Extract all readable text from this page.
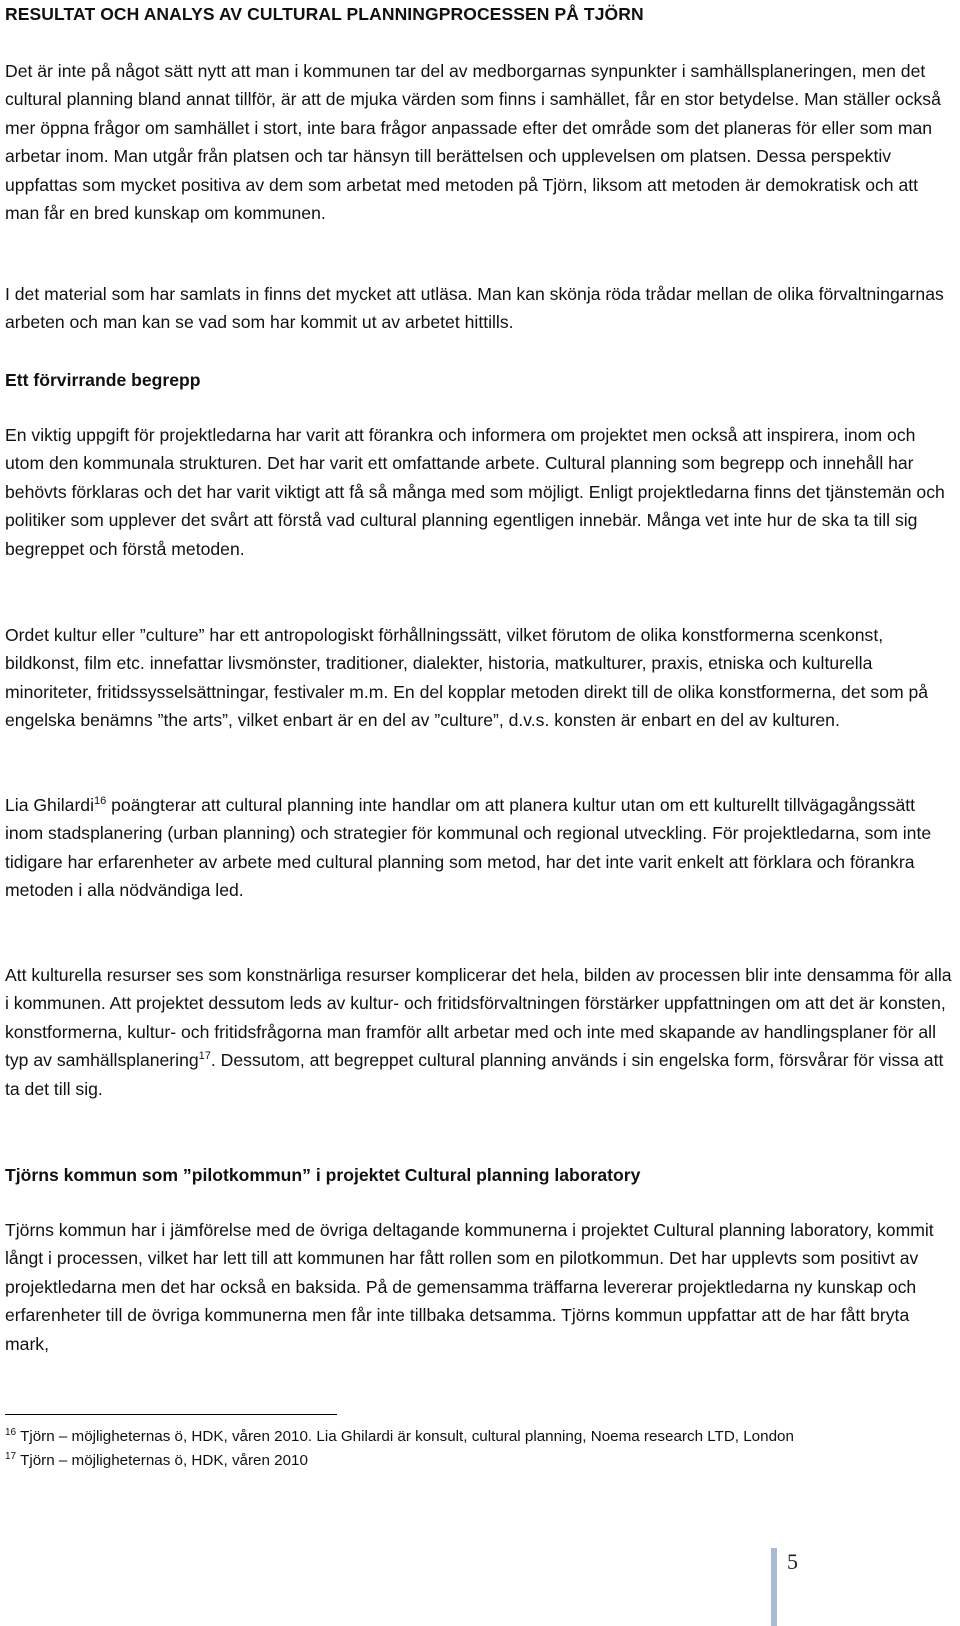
RESULTAT OCH ANALYS AV CULTURAL PLANNINGPROCESSEN PÅ TJÖRN

Det är inte på något sätt nytt att man i kommunen tar del av medborgarnas synpunkter i samhällsplaneringen, men det cultural planning bland annat tillför, är att de mjuka värden som finns i samhället, får en stor betydelse. Man ställer också mer öppna frågor om samhället i stort, inte bara frågor anpassade efter det område som det planeras för eller som man arbetar inom. Man utgår från platsen och tar hänsyn till berättelsen och upplevelsen om platsen. Dessa perspektiv uppfattas som mycket positiva av dem som arbetat med metoden på Tjörn, liksom att metoden är demokratisk och att man får en bred kunskap om kommunen.

I det material som har samlats in finns det mycket att utläsa. Man kan skönja röda trådar mellan de olika förvaltningarnas arbeten och man kan se vad som har kommit ut av arbetet hittills.

Ett förvirrande begrepp

En viktig uppgift för projektledarna har varit att förankra och informera om projektet men också att inspirera, inom och utom den kommunala strukturen. Det har varit ett omfattande arbete. Cultural planning som begrepp och innehåll har behövts förklaras och det har varit viktigt att få så många med som möjligt. Enligt projektledarna finns det tjänstemän och politiker som upplever det svårt att förstå vad cultural planning egentligen innebär. Många vet inte hur de ska ta till sig begreppet och förstå metoden.

Ordet kultur eller ”culture” har ett antropologiskt förhållningssätt, vilket förutom de olika konstformerna scenkonst, bildkonst, film etc. innefattar livsmönster, traditioner, dialekter, historia, matkulturer, praxis, etniska och kulturella minoriteter, fritidssysselsättningar, festivaler m.m. En del kopplar metoden direkt till de olika konstformerna, det som på engelska benämns ”the arts”, vilket enbart är en del av ”culture”, d.v.s. konsten är enbart en del av kulturen.

Lia Ghilardi$^{16}$ poängterar att cultural planning inte handlar om att planera kultur utan om ett kulturellt tillvägagångssätt inom stadsplanering (urban planning) och strategier för kommunal och regional utveckling. För projektledarna, som inte tidigare har erfarenheter av arbete med cultural planning som metod, har det inte varit enkelt att förklara och förankra metoden i alla nödvändiga led.

Att kulturella resurser ses som konstnärliga resurser komplicerar det hela, bilden av processen blir inte densamma för alla i kommunen. Att projektet dessutom leds av kultur- och fritidsförvaltningen förstärker uppfattningen om att det är konsten, konstformerna, kultur- och fritidsfrågorna man framför allt arbetar med och inte med skapande av handlingsplaner för all typ av samhällsplanering$^{17}$. Dessutom, att begreppet cultural planning används i sin engelska form, försvårar för vissa att ta det till sig.

Tjörns kommun som ”pilotkommun” i projektet Cultural planning laboratory

Tjörns kommun har i jämförelse med de övriga deltagande kommunerna i projektet Cultural planning laboratory, kommit långt i processen, vilket har lett till att kommunen har fått rollen som en pilotkommun. Det har upplevts som positivt av projektledarna men det har också en baksida. På de gemensamma träffarna levererar projektledarna ny kunskap och erfarenheter till de övriga kommunerna men får inte tillbaka detsamma. Tjörns kommun uppfattar att de har fått bryta mark,

$^{16}$ Tjörn – möjligheternas ö, HDK, våren 2010. Lia Ghilardi är konsult, cultural planning, Noema research LTD, London

$^{17}$ Tjörn – möjligheternas ö, HDK, våren 2010

5
